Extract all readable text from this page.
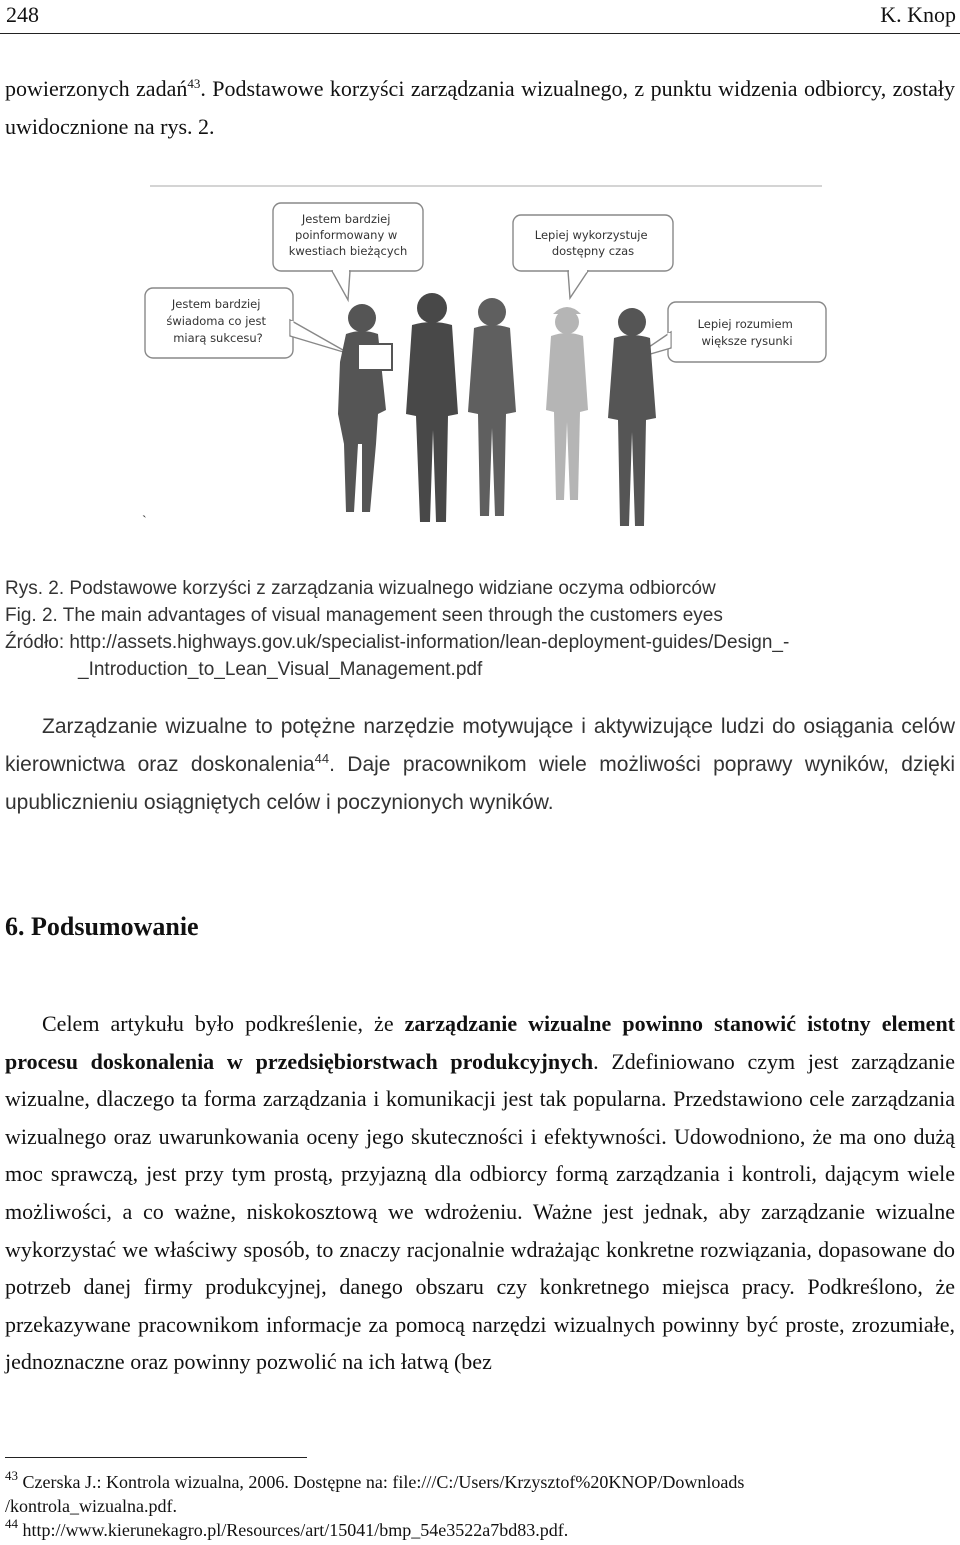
248	K. Knop
powierzonych zadań$^{43}$. Podstawowe korzyści zarządzania wizualnego, z punktu widzenia odbiorcy, zostały uwidocznione na rys. 2.
Jestem bardziej poinformowany w kwestiach bieżących
Lepiej wykorzystuje dostępny czas
Jestem bardziej świadoma co jest miarą sukcesu?
Lepiej rozumiem większe rysunki
`
Rys. 2. Podstawowe korzyści z zarządzania wizualnego widziane oczyma odbiorców
Fig. 2. The main advantages of visual management seen through the customers eyes
Źródło: http://assets.highways.gov.uk/specialist-information/lean-deployment-guides/Design_-
_Introduction_to_Lean_Visual_Management.pdf
Zarządzanie wizualne to potężne narzędzie motywujące i aktywizujące ludzi do osiągania celów kierownictwa oraz doskonalenia$^{44}$. Daje pracownikom wiele możliwości poprawy wyników, dzięki upublicznieniu osiągniętych celów i poczynionych wyników.
6. Podsumowanie
Celem artykułu było podkreślenie, że zarządzanie wizualne powinno stanowić istotny element procesu doskonalenia w przedsiębiorstwach produkcyjnych. Zdefiniowano czym jest zarządzanie wizualne, dlaczego ta forma zarządzania i komunikacji jest tak popularna. Przedstawiono cele zarządzania wizualnego oraz uwarunkowania oceny jego skuteczności i efektywności. Udowodniono, że ma ono dużą moc sprawczą, jest przy tym prostą, przyjazną dla odbiorcy formą zarządzania i kontroli, dającym wiele możliwości, a co ważne, niskokosztową we wdrożeniu. Ważne jest jednak, aby zarządzanie wizualne wykorzystać we właściwy sposób, to znaczy racjonalnie wdrażając konkretne rozwiązania, dopasowane do potrzeb danej firmy produkcyjnej, danego obszaru czy konkretnego miejsca pracy. Podkreślono, że przekazywane pracownikom informacje za pomocą narzędzi wizualnych powinny być proste, zrozumiałe, jednoznaczne oraz powinny pozwolić na ich łatwą (bez
$^{43}$ Czerska J.: Kontrola wizualna, 2006. Dostępne na: file:///C:/Users/Krzysztof%20KNOP/Downloads
/kontrola_wizualna.pdf.
$^{44}$ http://www.kierunekagro.pl/Resources/art/15041/bmp_54e3522a7bd83.pdf.
